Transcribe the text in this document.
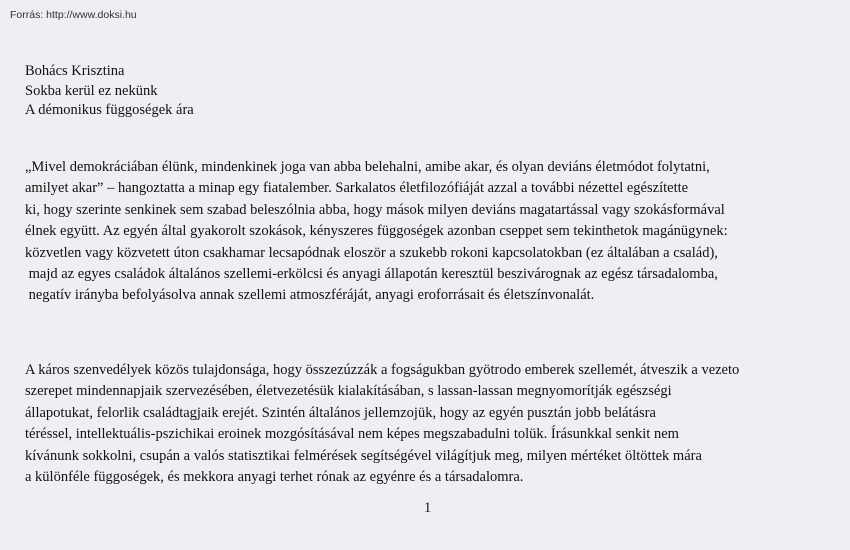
Forrás: http://www.doksi.hu
Bohács Krisztina
Sokba kerül ez nekünk
A démonikus függoségek ára
„Mivel demokráciában élünk, mindenkinek joga van abba belehalni, amibe akar, és olyan deviáns életmódot folytatni,
amilyet akar” – hangoztatta a minap egy fiatalember. Sarkalatos életfilozófiáját azzal a további nézettel egészítette
ki, hogy szerinte senkinek sem szabad beleszólnia abba, hogy mások milyen deviáns magatartással vagy szokásformával
élnek együtt. Az egyén által gyakorolt szokások, kényszeres függoségek azonban cseppet sem tekinthetok magánügynek:
közvetlen vagy közvetett úton csakhamar lecsapódnak eloször a szukebb rokoni kapcsolatokban (ez általában a család),
majd az egyes családok általános szellemi-erkölcsi és anyagi állapotán keresztül beszivárognak az egész társadalomba,
negatív irányba befolyásolva annak szellemi atmoszféráját, anyagi eroforrásait és életszínvonalát.
A káros szenvedélyek közös tulajdonsága, hogy összezúzzák a fogságukban gyötrodo emberek szellemét, átveszik a vezeto
szerepet mindennapjaik szervezésében, életvezetésük kialakításában, s lassan-lassan megnyomorítják egészségi
állapotukat, felorlik családtagjaik erejét. Szintén általános jellemzojük, hogy az egyén pusztán jobb belátásra
téréssel, intellektuális-pszichikai eroinek mozgósításával nem képes megszabadulni tolük. Írásunkkal senkit nem
kívánunk sokkolni, csupán a valós statisztikai felmérések segítségével világítjuk meg, milyen mértéket öltöttek mára
a különféle függoségek, és mekkora anyagi terhet rónak az egyénre és a társadalomra.
1
